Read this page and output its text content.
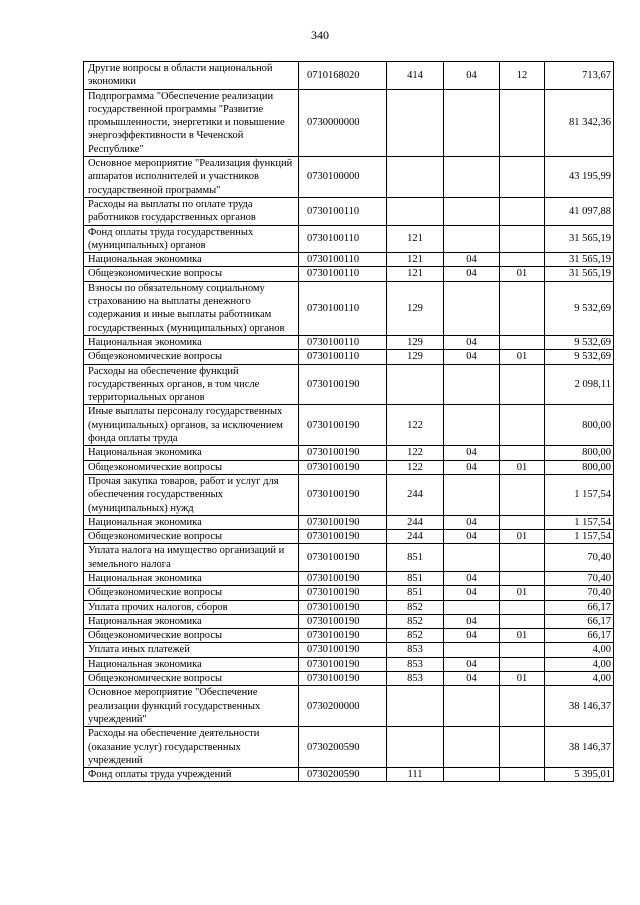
340
Другие вопросы в области национальной экономики	0710168020	414	04	12	713,67
Подпрограмма "Обеспечение реализации государственной программы "Развитие промышленности, энергетики и повышение энергоэффективности в Чеченской Республике"	0730000000				81 342,36
Основное мероприятие "Реализация функций аппаратов исполнителей и участников государственной программы"	0730100000				43 195,99
Расходы на выплаты по оплате труда работников государственных органов	0730100110				41 097,88
Фонд оплаты труда государственных (муниципальных) органов	0730100110	121			31 565,19
Национальная экономика	0730100110	121	04		31 565,19
Общеэкономические вопросы	0730100110	121	04	01	31 565,19
Взносы по обязательному социальному страхованию на выплаты денежного содержания и иные выплаты работникам государственных (муниципальных) органов	0730100110	129			9 532,69
Национальная экономика	0730100110	129	04		9 532,69
Общеэкономические вопросы	0730100110	129	04	01	9 532,69
Расходы на обеспечение функций государственных органов, в том числе территориальных органов	0730100190				2 098,11
Иные выплаты персоналу государственных (муниципальных) органов, за исключением фонда оплаты труда	0730100190	122			800,00
Национальная экономика	0730100190	122	04		800,00
Общеэкономические вопросы	0730100190	122	04	01	800,00
Прочая закупка товаров, работ и услуг для обеспечения государственных (муниципальных) нужд	0730100190	244			1 157,54
Национальная экономика	0730100190	244	04		1 157,54
Общеэкономические вопросы	0730100190	244	04	01	1 157,54
Уплата налога на имущество организаций и земельного налога	0730100190	851			70,40
Национальная экономика	0730100190	851	04		70,40
Общеэкономические вопросы	0730100190	851	04	01	70,40
Уплата прочих налогов, сборов	0730100190	852			66,17
Национальная экономика	0730100190	852	04		66,17
Общеэкономические вопросы	0730100190	852	04	01	66,17
Уплата иных платежей	0730100190	853			4,00
Национальная экономика	0730100190	853	04		4,00
Общеэкономические вопросы	0730100190	853	04	01	4,00
Основное мероприятие "Обеспечение реализации функций государственных учреждений"	0730200000				38 146,37
Расходы на обеспечение деятельности (оказание услуг) государственных учреждений	0730200590				38 146,37
Фонд оплаты труда учреждений	0730200590	111			5 395,01
